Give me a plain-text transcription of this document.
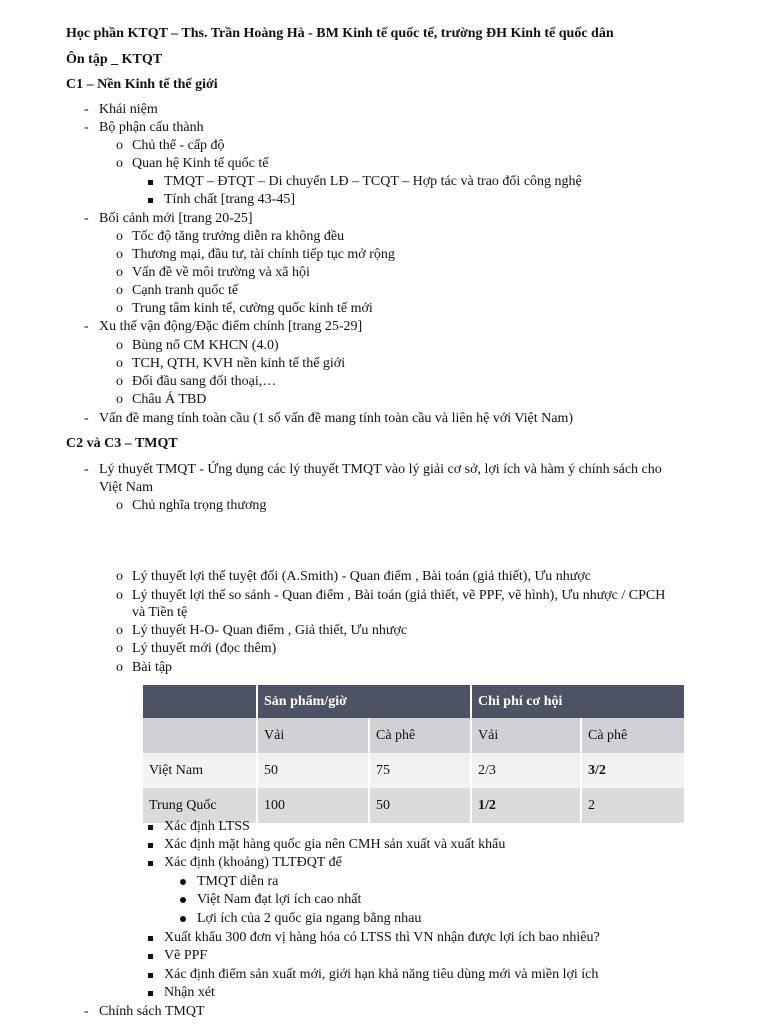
Học phần KTQT – Ths. Trần Hoàng Hà - BM Kinh tế quốc tế, trường ĐH Kinh tế quốc dân
Ôn tập _ KTQT
C1 – Nền Kinh tế thế giới
- Khái niệm
- Bộ phận cấu thành
o Chủ thể - cấp độ
o Quan hệ Kinh tế quốc tế
TMQT – ĐTQT – Di chuyển LĐ – TCQT – Hợp tác và trao đổi công nghệ
Tính chất [trang 43-45]
- Bối cảnh mới [trang 20-25]
o Tốc độ tăng trưởng diễn ra không đều
o Thương mại, đầu tư, tài chính tiếp tục mở rộng
o Vấn đề về môi trường và xã hội
o Cạnh tranh quốc tế
o Trung tâm kinh tế, cường quốc kinh tế mới
- Xu thế vận động/Đặc điểm chính [trang 25-29]
o Bùng nổ CM KHCN (4.0)
o TCH, QTH, KVH nền kinh tế thế giới
o Đối đầu sang đối thoại,…
o Châu Á TBD
- Vấn đề mang tính toàn cầu (1 số vấn đề mang tính toàn cầu và liên hệ với Việt Nam)
C2 và C3 – TMQT
- Lý thuyết TMQT - Ứng dụng các lý thuyết TMQT vào lý giải cơ sở, lợi ích và hàm ý chính sách cho
Việt Nam
o Chủ nghĩa trọng thương
o Lý thuyết lợi thế tuyệt đối (A.Smith) - Quan điểm , Bài toán (giả thiết), Ưu nhược
o Lý thuyết lợi thế so sánh - Quan điểm , Bài toán (giả thiết, vẽ PPF, vẽ hình), Ưu nhược / CPCH
và Tiền tệ
o Lý thuyết H-O- Quan điểm , Giả thiết, Ưu nhược
o Lý thuyết mới (đọc thêm)
o Bài tập
	Sản phẩm/giờ		Chi phí cơ hội	
	Vải	Cà phê	Vải	Cà phê
Việt Nam	50	75	2/3	3/2
Trung Quốc	100	50	1/2	2
Xác định LTSS
Xác định mặt hàng quốc gia nên CMH sản xuất và xuất khẩu
Xác định (khoảng) TLTĐQT để
TMQT diễn ra
Việt Nam đạt lợi ích cao nhất
Lợi ích của 2 quốc gia ngang bằng nhau
Xuất khẩu 300 đơn vị hàng hóa có LTSS thì VN nhận được lợi ích bao nhiêu?
Vẽ PPF
Xác định điểm sản xuất mới, giới hạn khả năng tiêu dùng mới và miền lợi ích
Nhận xét
- Chính sách TMQT
